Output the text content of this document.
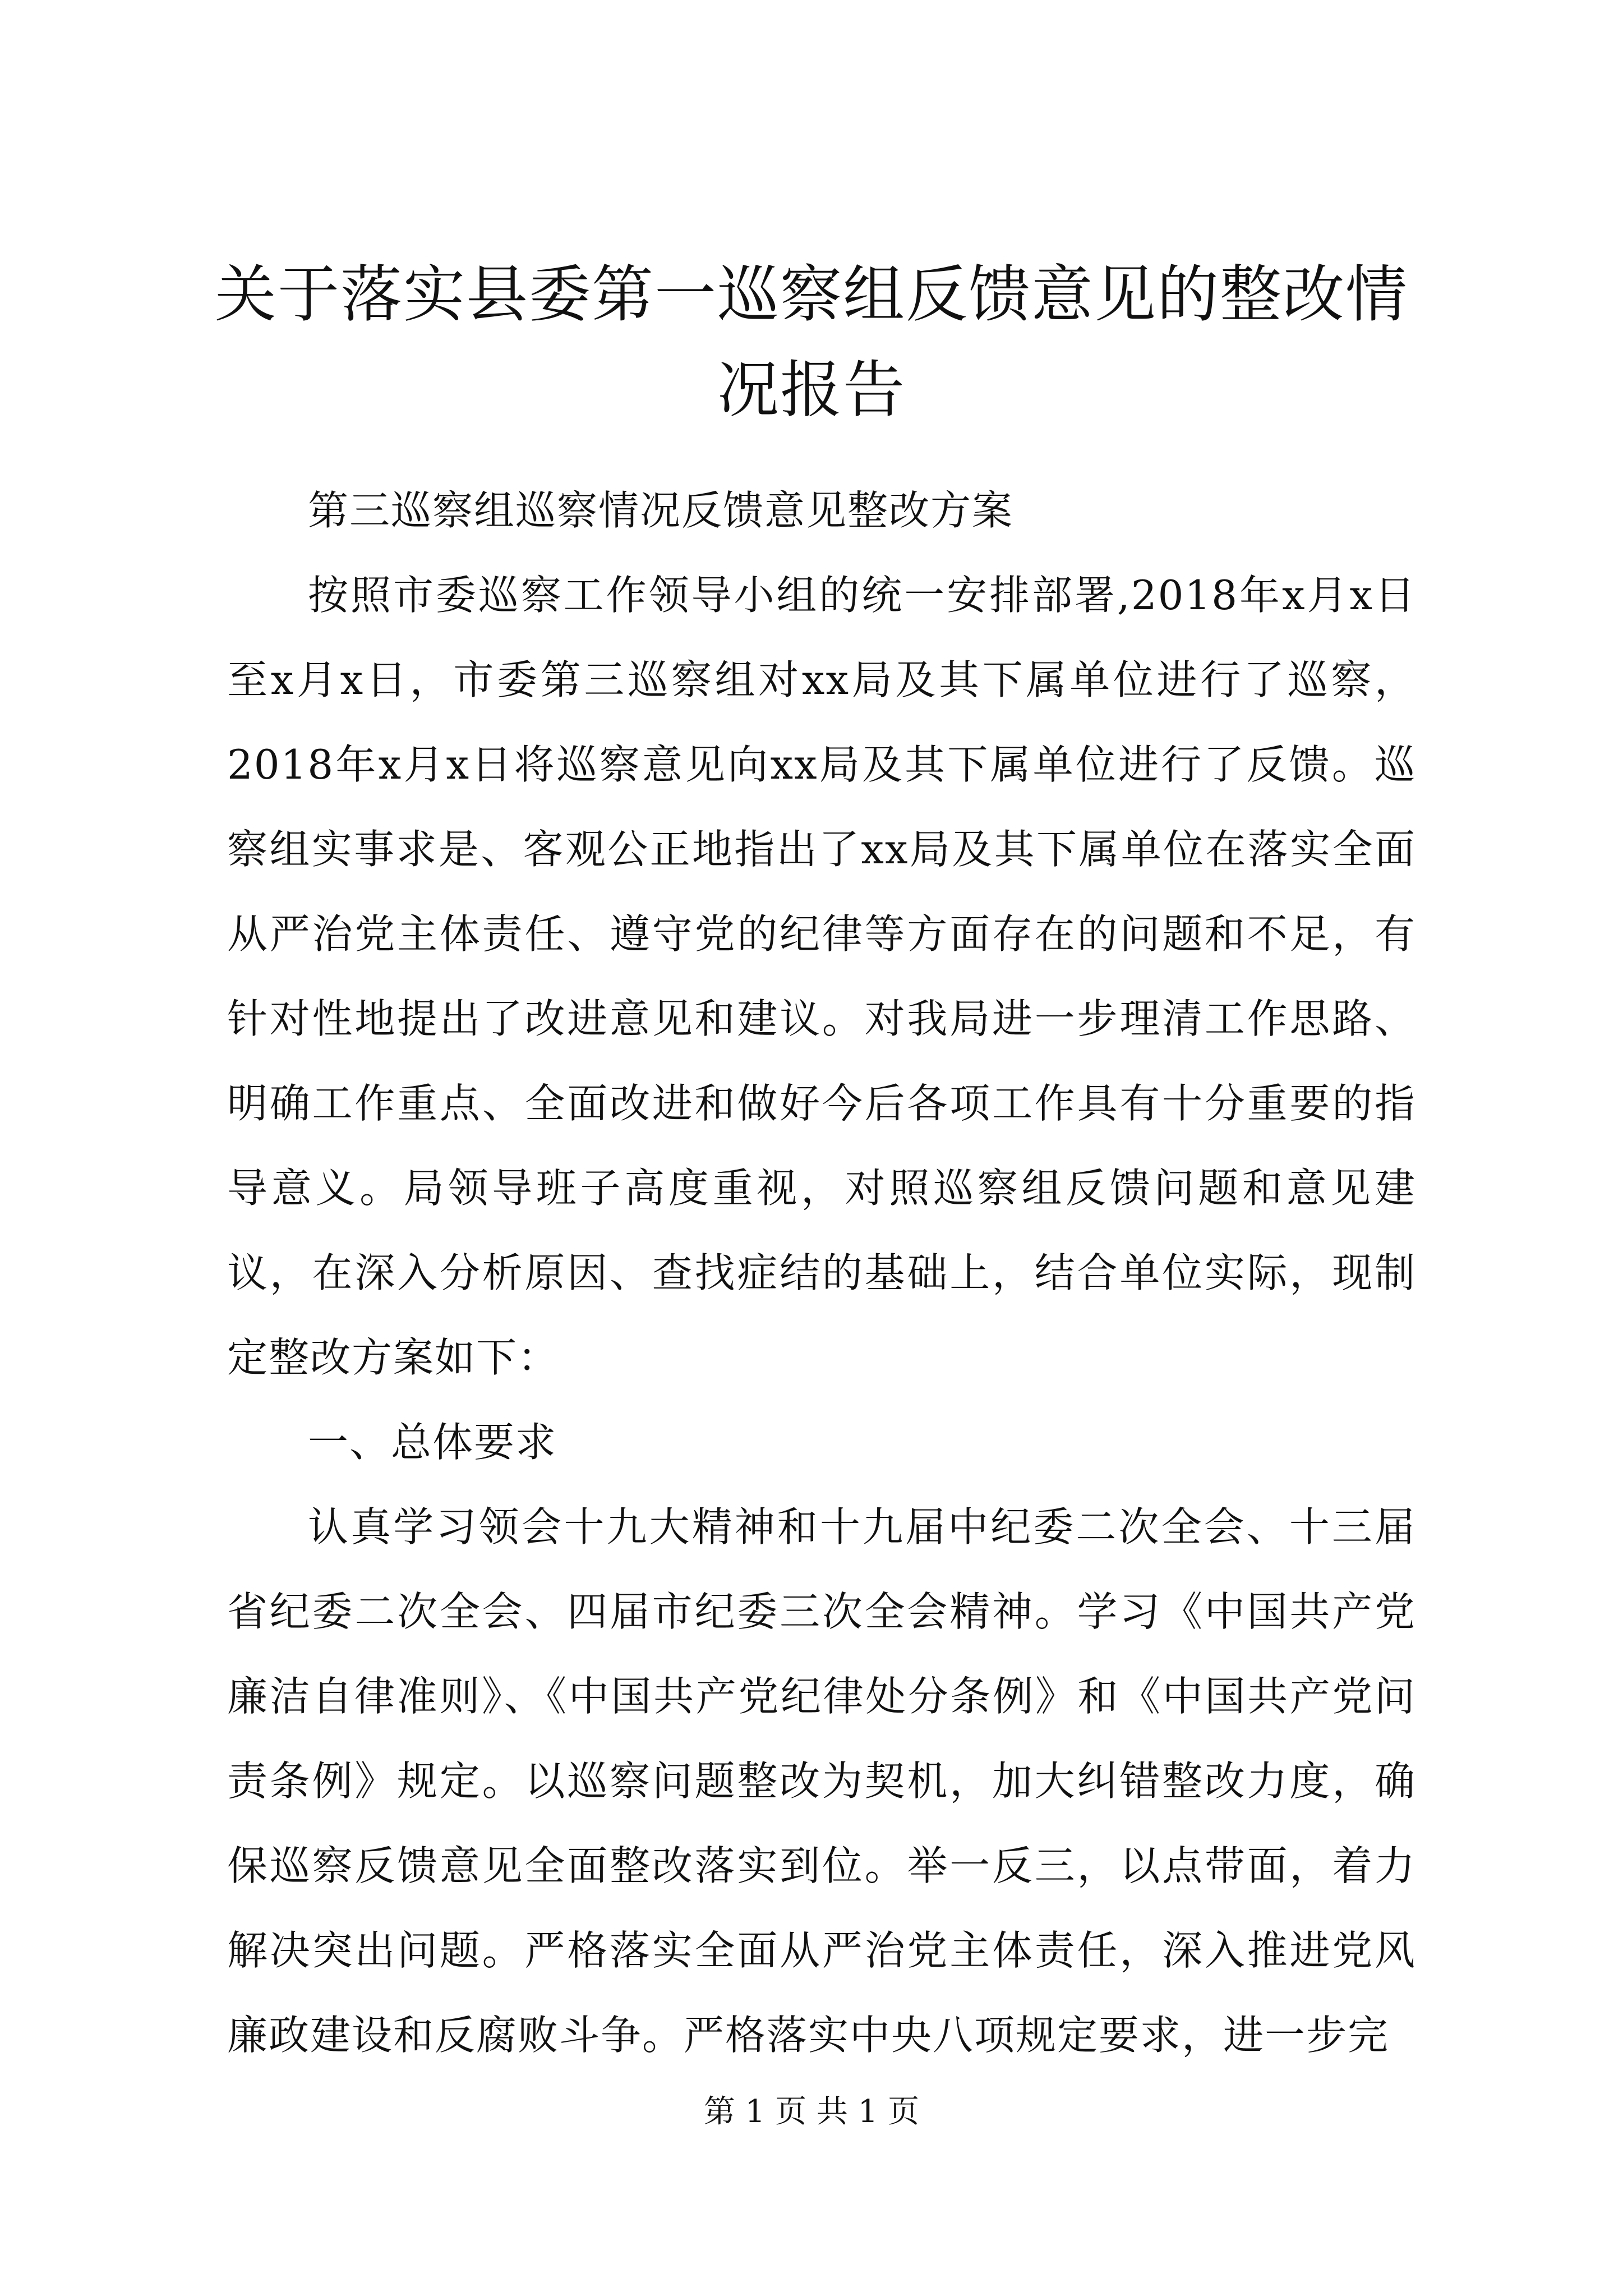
关于落实县委第一巡察组反馈意见的整改情况报告

第三巡察组巡察情况反馈意见整改方案

按照市委巡察工作领导小组的统一安排部署,2018年x月x日至x月x日，市委第三巡察组对xx局及其下属单位进行了巡察，2018年x月x日将巡察意见向xx局及其下属单位进行了反馈。巡察组实事求是、客观公正地指出了xx局及其下属单位在落实全面从严治党主体责任、遵守党的纪律等方面存在的问题和不足，有针对性地提出了改进意见和建议。对我局进一步理清工作思路、明确工作重点、全面改进和做好今后各项工作具有十分重要的指导意义。局领导班子高度重视，对照巡察组反馈问题和意见建议，在深入分析原因、查找症结的基础上，结合单位实际，现制定整改方案如下：

一、总体要求

认真学习领会十九大精神和十九届中纪委二次全会、十三届省纪委二次全会、四届市纪委三次全会精神。学习《中国共产党廉洁自律准则》、《中国共产党纪律处分条例》和《中国共产党问责条例》规定。以巡察问题整改为契机，加大纠错整改力度，确保巡察反馈意见全面整改落实到位。举一反三，以点带面，着力解决突出问题。严格落实全面从严治党主体责任，深入推进党风廉政建设和反腐败斗争。严格落实中央八项规定要求，进一步完

第 1 页 共 1 页
